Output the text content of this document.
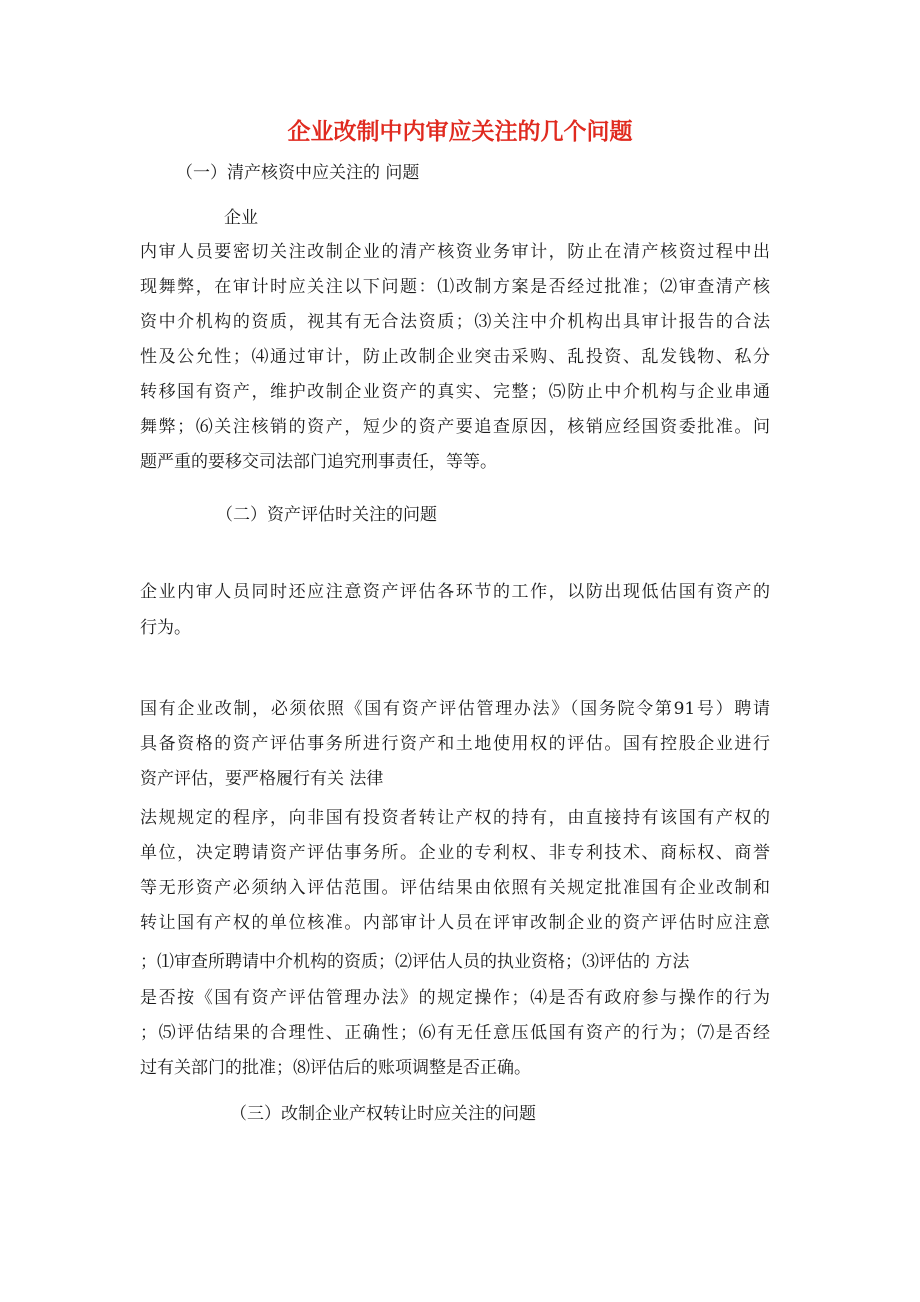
企业改制中内审应关注的几个问题

（一）清产核资中应关注的 问题

企业

内审人员要密切关注改制企业的清产核资业务审计，防止在清产核资过程中出

现舞弊，在审计时应关注以下问题：⑴改制方案是否经过批准；⑵审查清产核

资中介机构的资质，视其有无合法资质；⑶关注中介机构出具审计报告的合法

性及公允性；⑷通过审计，防止改制企业突击采购、乱投资、乱发钱物、私分

转移国有资产，维护改制企业资产的真实、完整；⑸防止中介机构与企业串通

舞弊；⑹关注核销的资产，短少的资产要追查原因，核销应经国资委批准。问

题严重的要移交司法部门追究刑事责任，等等。

（二）资产评估时关注的问题

企业内审人员同时还应注意资产评估各环节的工作，以防出现低估国有资产的

行为。

国有企业改制，必须依照《国有资产评估管理办法》（国务院令第91号）聘请

具备资格的资产评估事务所进行资产和土地使用权的评估。国有控股企业进行

资产评估，要严格履行有关 法律

法规规定的程序，向非国有投资者转让产权的持有，由直接持有该国有产权的

单位，决定聘请资产评估事务所。企业的专利权、非专利技术、商标权、商誉

等无形资产必须纳入评估范围。评估结果由依照有关规定批准国有企业改制和

转让国有产权的单位核准。内部审计人员在评审改制企业的资产评估时应注意

；⑴审查所聘请中介机构的资质；⑵评估人员的执业资格；⑶评估的 方法

是否按《国有资产评估管理办法》的规定操作；⑷是否有政府参与操作的行为

；⑸评估结果的合理性、正确性；⑹有无任意压低国有资产的行为；⑺是否经

过有关部门的批准；⑻评估后的账项调整是否正确。

（三）改制企业产权转让时应关注的问题
